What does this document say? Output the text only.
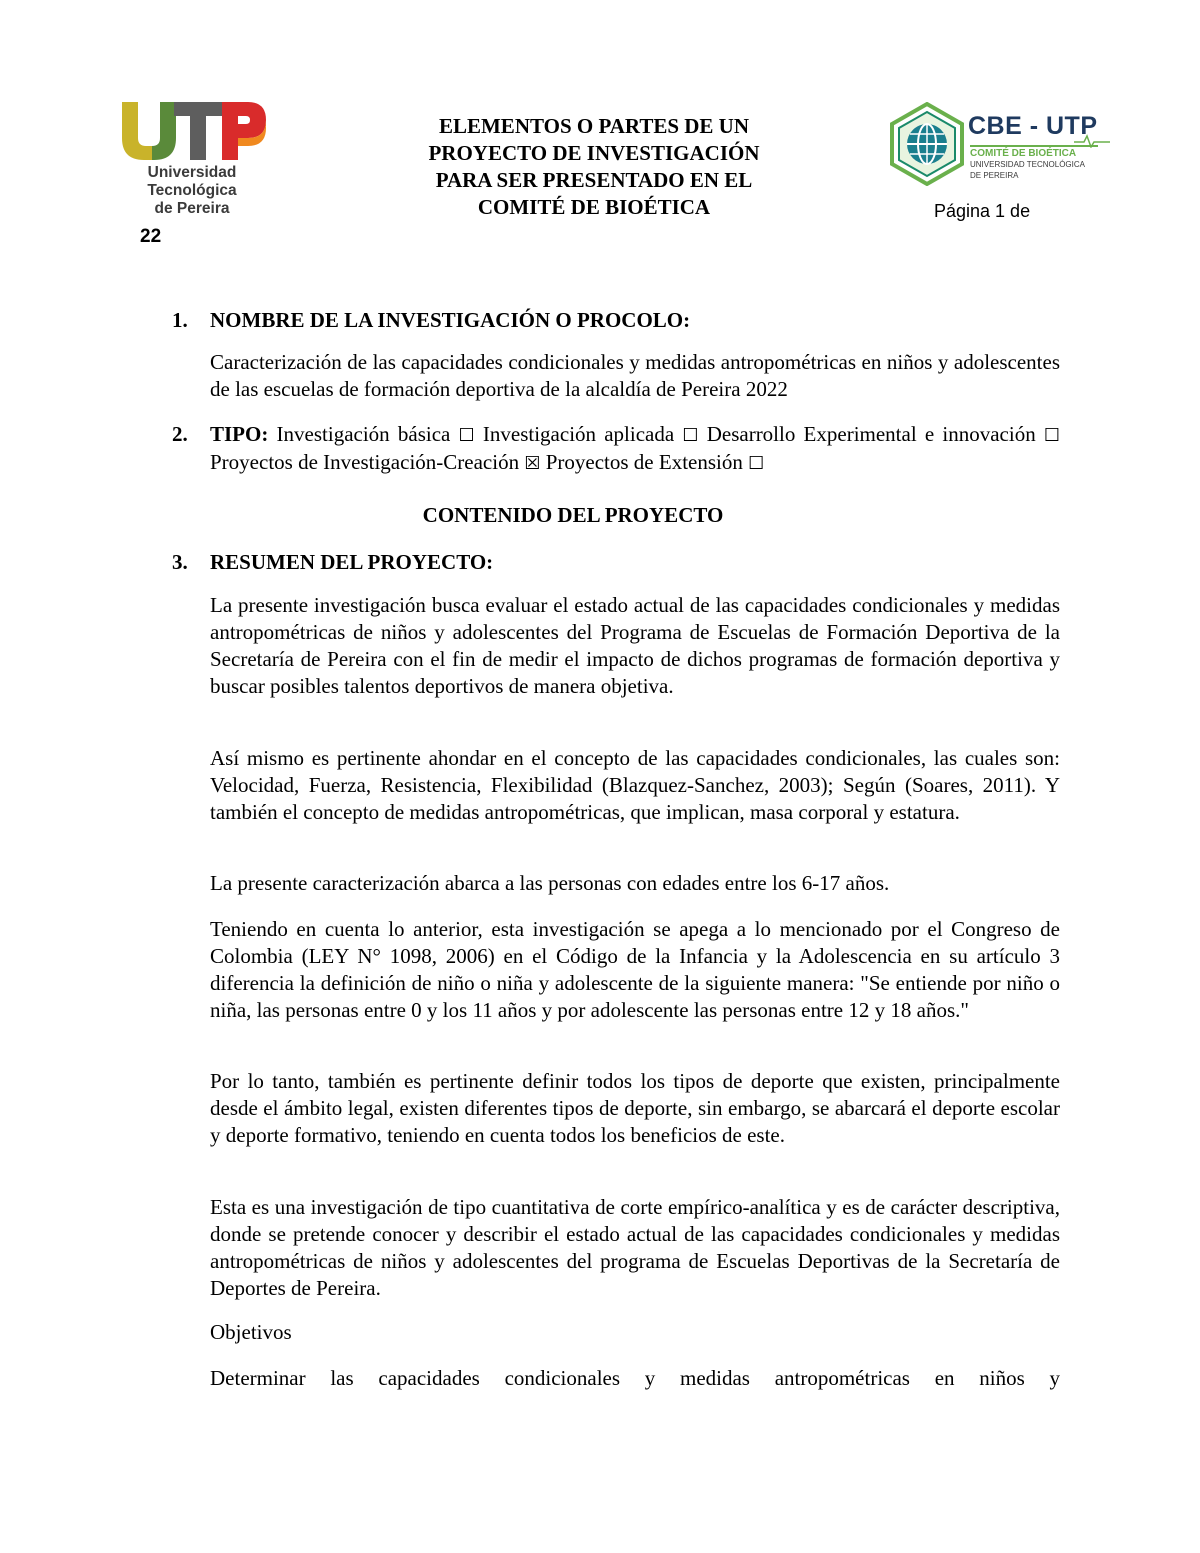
Universidad Tecnológica
de Pereira
22
ELEMENTOS O PARTES DE UN
PROYECTO DE INVESTIGACIÓN
PARA SER PRESENTADO EN EL
COMITÉ DE BIOÉTICA
CBE - UTP
COMITÉ DE BIOÉTICA
UNIVERSIDAD TECNOLÓGICA
DE PEREIRA
Página 1 de
1. NOMBRE DE LA INVESTIGACIÓN O PROCOLO:
Caracterización de las capacidades condicionales y medidas antropométricas en niños y adolescentes de las escuelas de formación deportiva de la alcaldía de Pereira 2022
2. TIPO: Investigación básica ☐ Investigación aplicada ☐ Desarrollo Experimental e innovación ☐ Proyectos de Investigación-Creación ☒ Proyectos de Extensión ☐
CONTENIDO DEL PROYECTO
3. RESUMEN DEL PROYECTO:
La presente investigación busca evaluar el estado actual de las capacidades condicionales y medidas antropométricas de niños y adolescentes del Programa de Escuelas de Formación Deportiva de la Secretaría de Pereira con el fin de medir el impacto de dichos programas de formación deportiva y buscar posibles talentos deportivos de manera objetiva.
Así mismo es pertinente ahondar en el concepto de las capacidades condicionales, las cuales son: Velocidad, Fuerza, Resistencia, Flexibilidad (Blazquez-Sanchez, 2003); Según (Soares, 2011). Y también el concepto de medidas antropométricas, que implican, masa corporal y estatura.
La presente caracterización abarca a las personas con edades entre los 6-17 años.
Teniendo en cuenta lo anterior, esta investigación se apega a lo mencionado por el Congreso de Colombia (LEY N° 1098, 2006) en el Código de la Infancia y la Adolescencia en su artículo 3 diferencia la definición de niño o niña y adolescente de la siguiente manera: "Se entiende por niño o niña, las personas entre 0 y los 11 años y por adolescente las personas entre 12 y 18 años."
Por lo tanto, también es pertinente definir todos los tipos de deporte que existen, principalmente desde el ámbito legal, existen diferentes tipos de deporte, sin embargo, se abarcará el deporte escolar y deporte formativo, teniendo en cuenta todos los beneficios de este.
Esta es una investigación de tipo cuantitativa de corte empírico-analítica y es de carácter descriptiva, donde se pretende conocer y describir el estado actual de las capacidades condicionales y medidas antropométricas de niños y adolescentes del programa de Escuelas Deportivas de la Secretaría de Deportes de Pereira.
Objetivos
Determinar las capacidades condicionales y medidas antropométricas en niños y
